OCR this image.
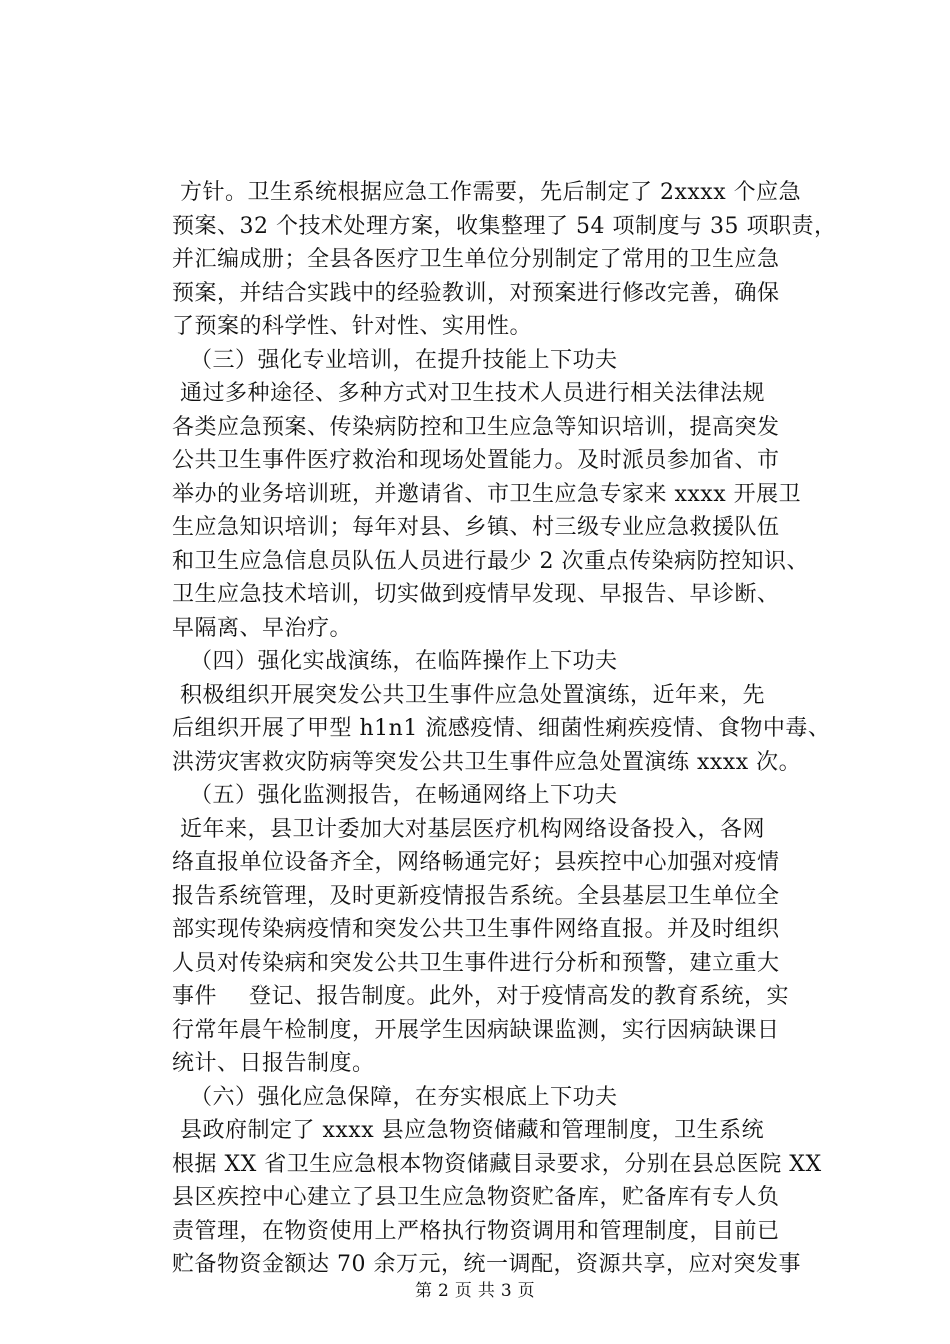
方针。卫生系统根据应急工作需要，先后制定了 2xxxx 个应急
预案、32 个技术处理方案，收集整理了 54 项制度与 35 项职责，
并汇编成册；全县各医疗卫生单位分别制定了常用的卫生应急
预案，并结合实践中的经验教训，对预案进行修改完善，确保
了预案的科学性、针对性、实用性。
（三）强化专业培训，在提升技能上下功夫
通过多种途径、多种方式对卫生技术人员进行相关法律法规
各类应急预案、传染病防控和卫生应急等知识培训，提高突发
公共卫生事件医疗救治和现场处置能力。及时派员参加省、市
举办的业务培训班，并邀请省、市卫生应急专家来 xxxx 开展卫
生应急知识培训；每年对县、乡镇、村三级专业应急救援队伍
和卫生应急信息员队伍人员进行最少 2 次重点传染病防控知识、
卫生应急技术培训，切实做到疫情早发现、早报告、早诊断、
早隔离、早治疗。
（四）强化实战演练，在临阵操作上下功夫
积极组织开展突发公共卫生事件应急处置演练，近年来，先
后组织开展了甲型 h1n1 流感疫情、细菌性痢疾疫情、食物中毒、
洪涝灾害救灾防病等突发公共卫生事件应急处置演练 xxxx 次。
（五）强化监测报告，在畅通网络上下功夫
近年来，县卫计委加大对基层医疗机构网络设备投入，各网
络直报单位设备齐全，网络畅通完好；县疾控中心加强对疫情
报告系统管理，及时更新疫情报告系统。全县基层卫生单位全
部实现传染病疫情和突发公共卫生事件网络直报。并及时组织
人员对传染病和突发公共卫生事件进行分析和预警，建立重大
事件 登记、报告制度。此外，对于疫情高发的教育系统，实
行常年晨午检制度，开展学生因病缺课监测，实行因病缺课日
统计、日报告制度。
（六）强化应急保障，在夯实根底上下功夫
县政府制定了 xxxx 县应急物资储藏和管理制度，卫生系统
根据 XX 省卫生应急根本物资储藏目录要求，分别在县总医院 XX
县区疾控中心建立了县卫生应急物资贮备库，贮备库有专人负
责管理，在物资使用上严格执行物资调用和管理制度，目前已
贮备物资金额达 70 余万元，统一调配，资源共享，应对突发事
第 2 页 共 3 页
